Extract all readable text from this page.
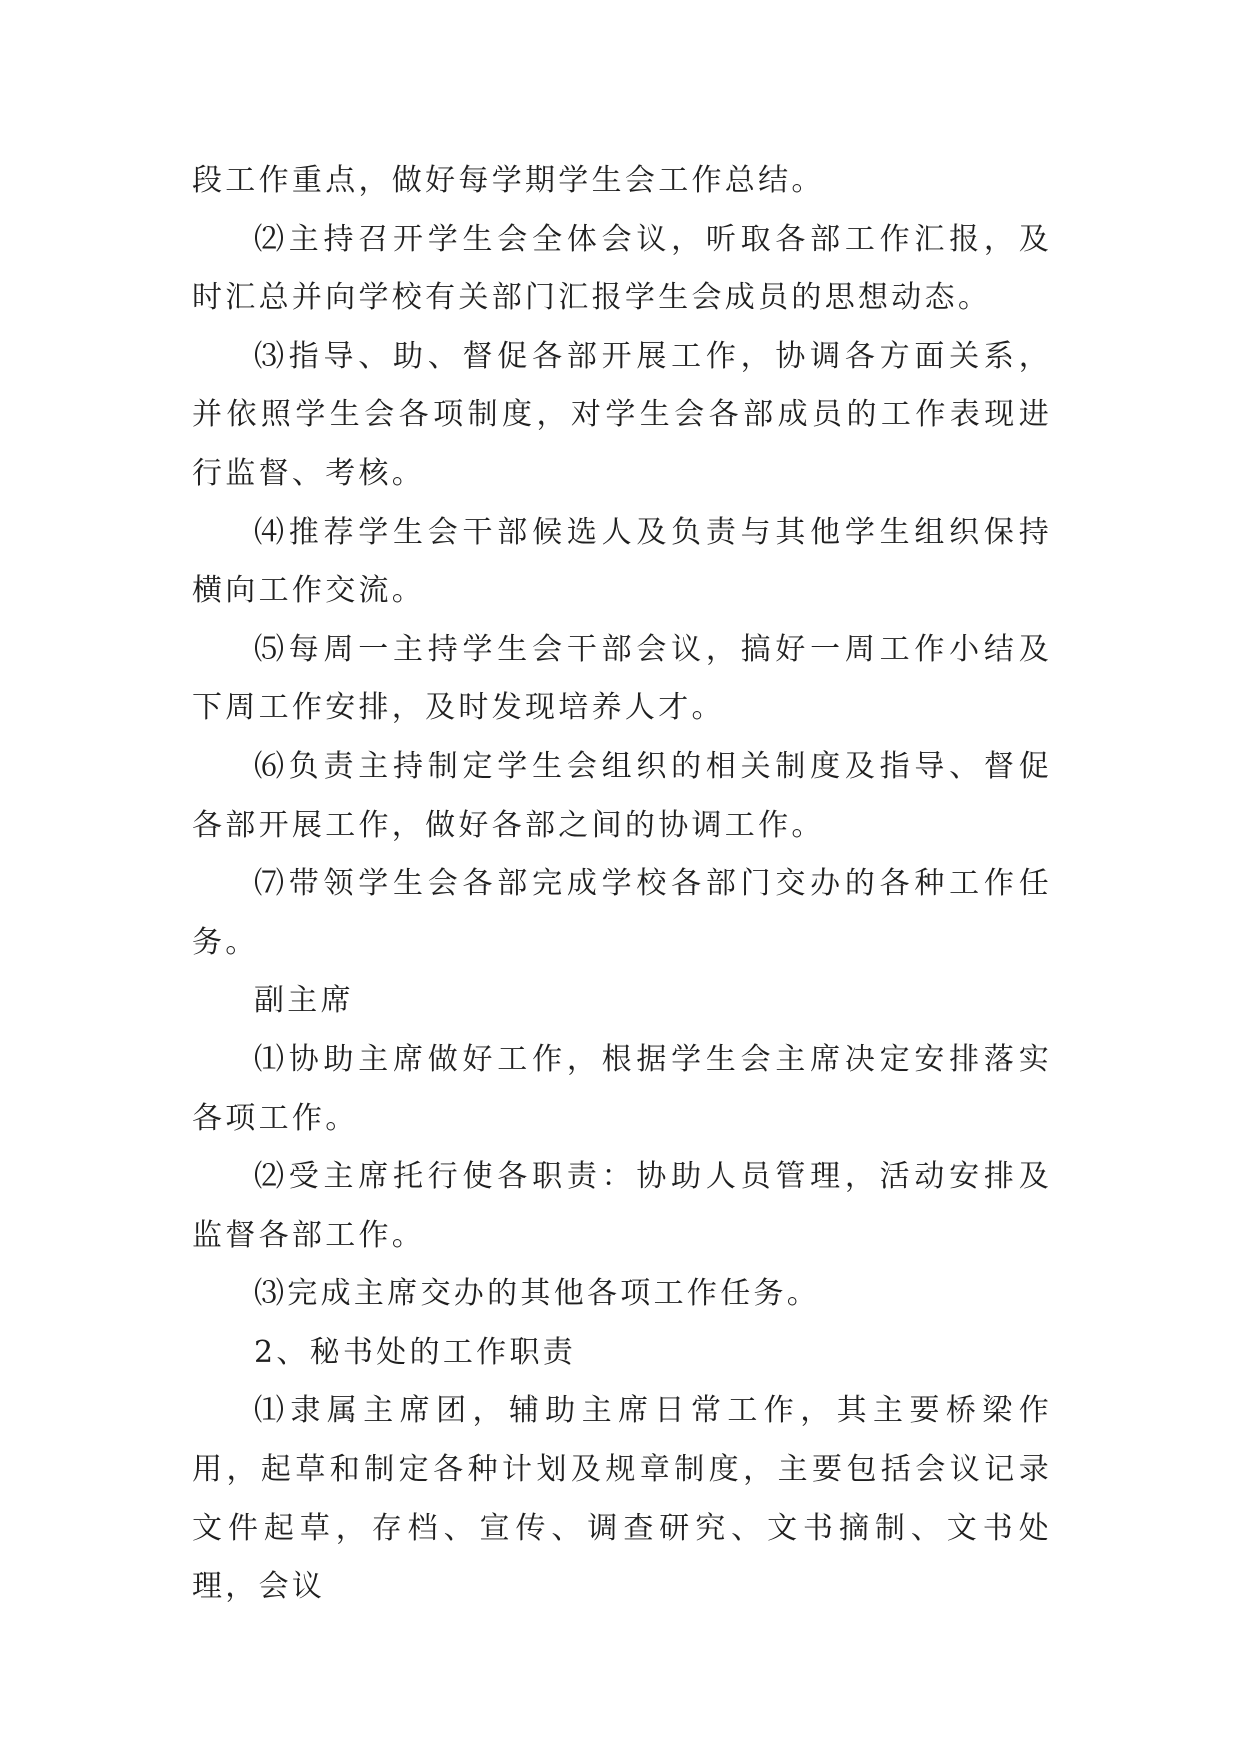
段工作重点，做好每学期学生会工作总结。

⑵主持召开学生会全体会议，听取各部工作汇报，及时汇总并向学校有关部门汇报学生会成员的思想动态。

⑶指导、助、督促各部开展工作，协调各方面关系，并依照学生会各项制度，对学生会各部成员的工作表现进行监督、考核。

⑷推荐学生会干部候选人及负责与其他学生组织保持横向工作交流。

⑸每周一主持学生会干部会议，搞好一周工作小结及下周工作安排，及时发现培养人才。

⑹负责主持制定学生会组织的相关制度及指导、督促各部开展工作，做好各部之间的协调工作。

⑺带领学生会各部完成学校各部门交办的各种工作任务。

副主席

⑴协助主席做好工作，根据学生会主席决定安排落实各项工作。

⑵受主席托行使各职责：协助人员管理，活动安排及监督各部工作。

⑶完成主席交办的其他各项工作任务。

2、秘书处的工作职责

⑴隶属主席团，辅助主席日常工作，其主要桥梁作用，起草和制定各种计划及规章制度，主要包括会议记录 文件起草，存档、宣传、调查研究、文书摘制、文书处理，会议
